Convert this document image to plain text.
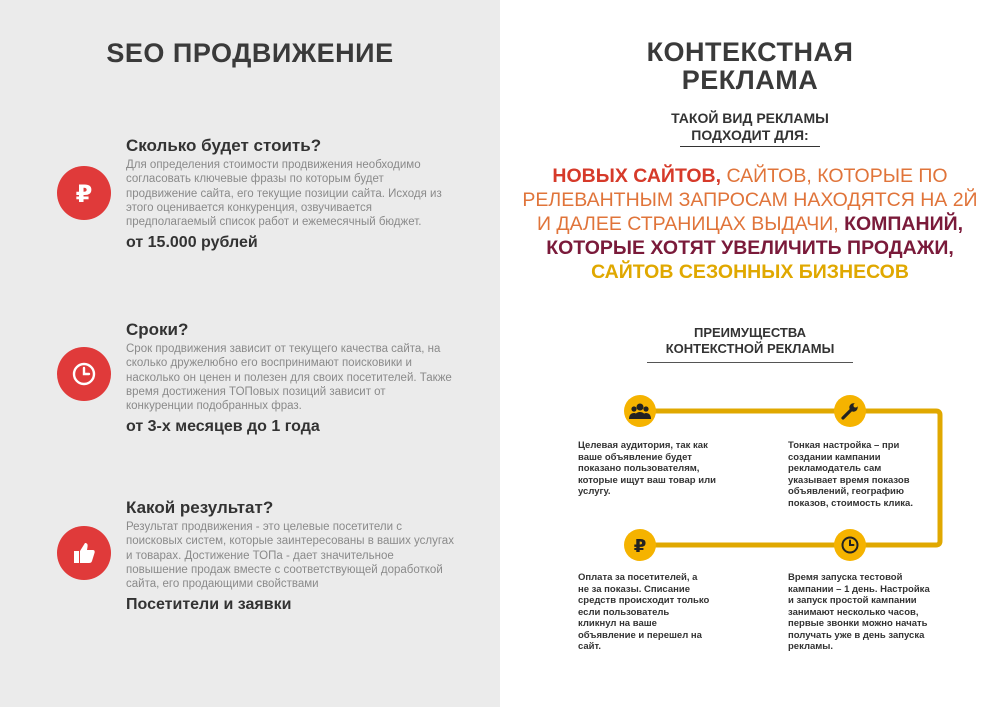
SEO ПРОДВИЖЕНИЕ
₽
Сколько будет стоить?
Для определения стоимости продвижения необходимо согласовать ключевые фразы по которым будет продвижение сайта, его текущие позиции сайта. Исходя из этого оценивается конкуренция, озвучивается предполагаемый список работ и ежемесячный бюджет.
от 15.000 рублей
Сроки?
Срок продвижения зависит от текущего качества сайта, на сколько дружелюбно его воспринимают поисковики и насколько он ценен и полезен для своих посетителей. Также время достижения ТОПовых позиций зависит от конкуренции подобранных фраз.
от 3-х месяцев до 1 года
Какой результат?
Результат продвижения - это целевые посетители с поисковых систем, которые заинтересованы в ваших услугах и товарах. Достижение ТОПа - дает значительное повышение продаж вместе с соответствующей доработкой сайта, его продающими свойствами
Посетители и заявки
КОНТЕКСТНАЯ
РЕКЛАМА
ТАКОЙ ВИД РЕКЛАМЫ
ПОДХОДИТ ДЛЯ:
НОВЫХ САЙТОВ, САЙТОВ, КОТОРЫЕ ПО РЕЛЕВАНТНЫМ ЗАПРОСАМ НАХОДЯТСЯ НА 2Й И ДАЛЕЕ СТРАНИЦАХ ВЫДАЧИ, КОМПАНИЙ, КОТОРЫЕ ХОТЯТ УВЕЛИЧИТЬ ПРОДАЖИ, САЙТОВ СЕЗОННЫХ БИЗНЕСОВ
ПРЕИМУЩЕСТВА
КОНТЕКСТНОЙ РЕКЛАМЫ
₽
Целевая аудитория, так как ваше объявление будет показано пользователям, которые ищут ваш товар или услугу.
Тонкая настройка – при создании кампании рекламодатель сам указывает время показов объявлений, географию показов, стоимость клика.
Оплата за посетителей, а не за показы. Списание средств происходит только если пользователь кликнул на ваше объявление и перешел на сайт.
Время запуска тестовой кампании – 1 день. Настройка и запуск простой кампании занимают несколько часов, первые звонки можно начать получать уже в день запуска рекламы.
